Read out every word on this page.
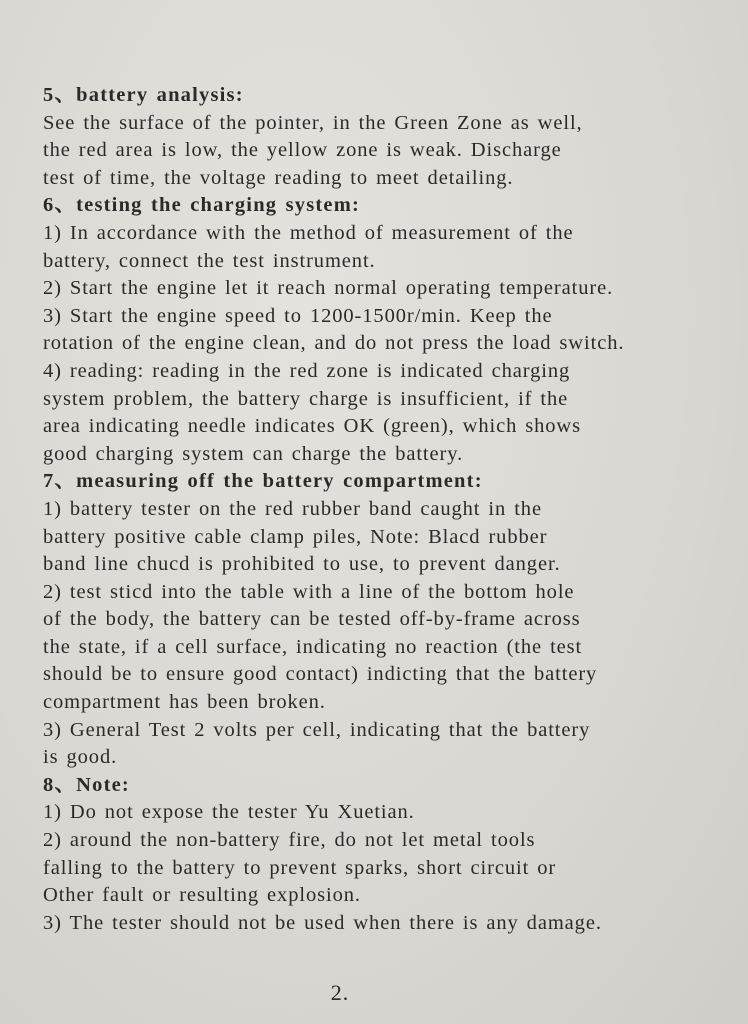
5、battery analysis:
See the surface of the pointer, in the Green Zone as well,
the red area is low, the yellow zone is weak. Discharge
test of time, the voltage reading to meet detailing.
6、testing the charging system:
1) In accordance with the method of measurement of the
battery, connect the test instrument.
2) Start the engine let it reach normal operating temperature.
3) Start the engine speed to 1200-1500r/min. Keep the
rotation of the engine clean, and do not press the load switch.
4) reading: reading in the red zone is indicated charging
system problem, the battery charge is insufficient, if the
area indicating needle indicates OK (green), which shows
good charging system can charge the battery.
7、measuring off the battery compartment:
1) battery tester on the red rubber band caught in the
battery positive cable clamp piles, Note: Blacd rubber
band line chucd is prohibited to use, to prevent danger.
2) test sticd into the table with a line of the bottom hole
of the body, the battery can be tested off-by-frame across
the state, if a cell surface, indicating no reaction (the test
should be to ensure good contact) indicting that the battery
compartment has been broken.
3) General Test 2 volts per cell, indicating that the battery
is good.
8、Note:
1) Do not expose the tester Yu Xuetian.
2) around the non-battery fire, do not let metal tools
falling to the battery to prevent sparks, short circuit or
Other fault or resulting explosion.
3) The tester should not be used when there is any damage.
2.
